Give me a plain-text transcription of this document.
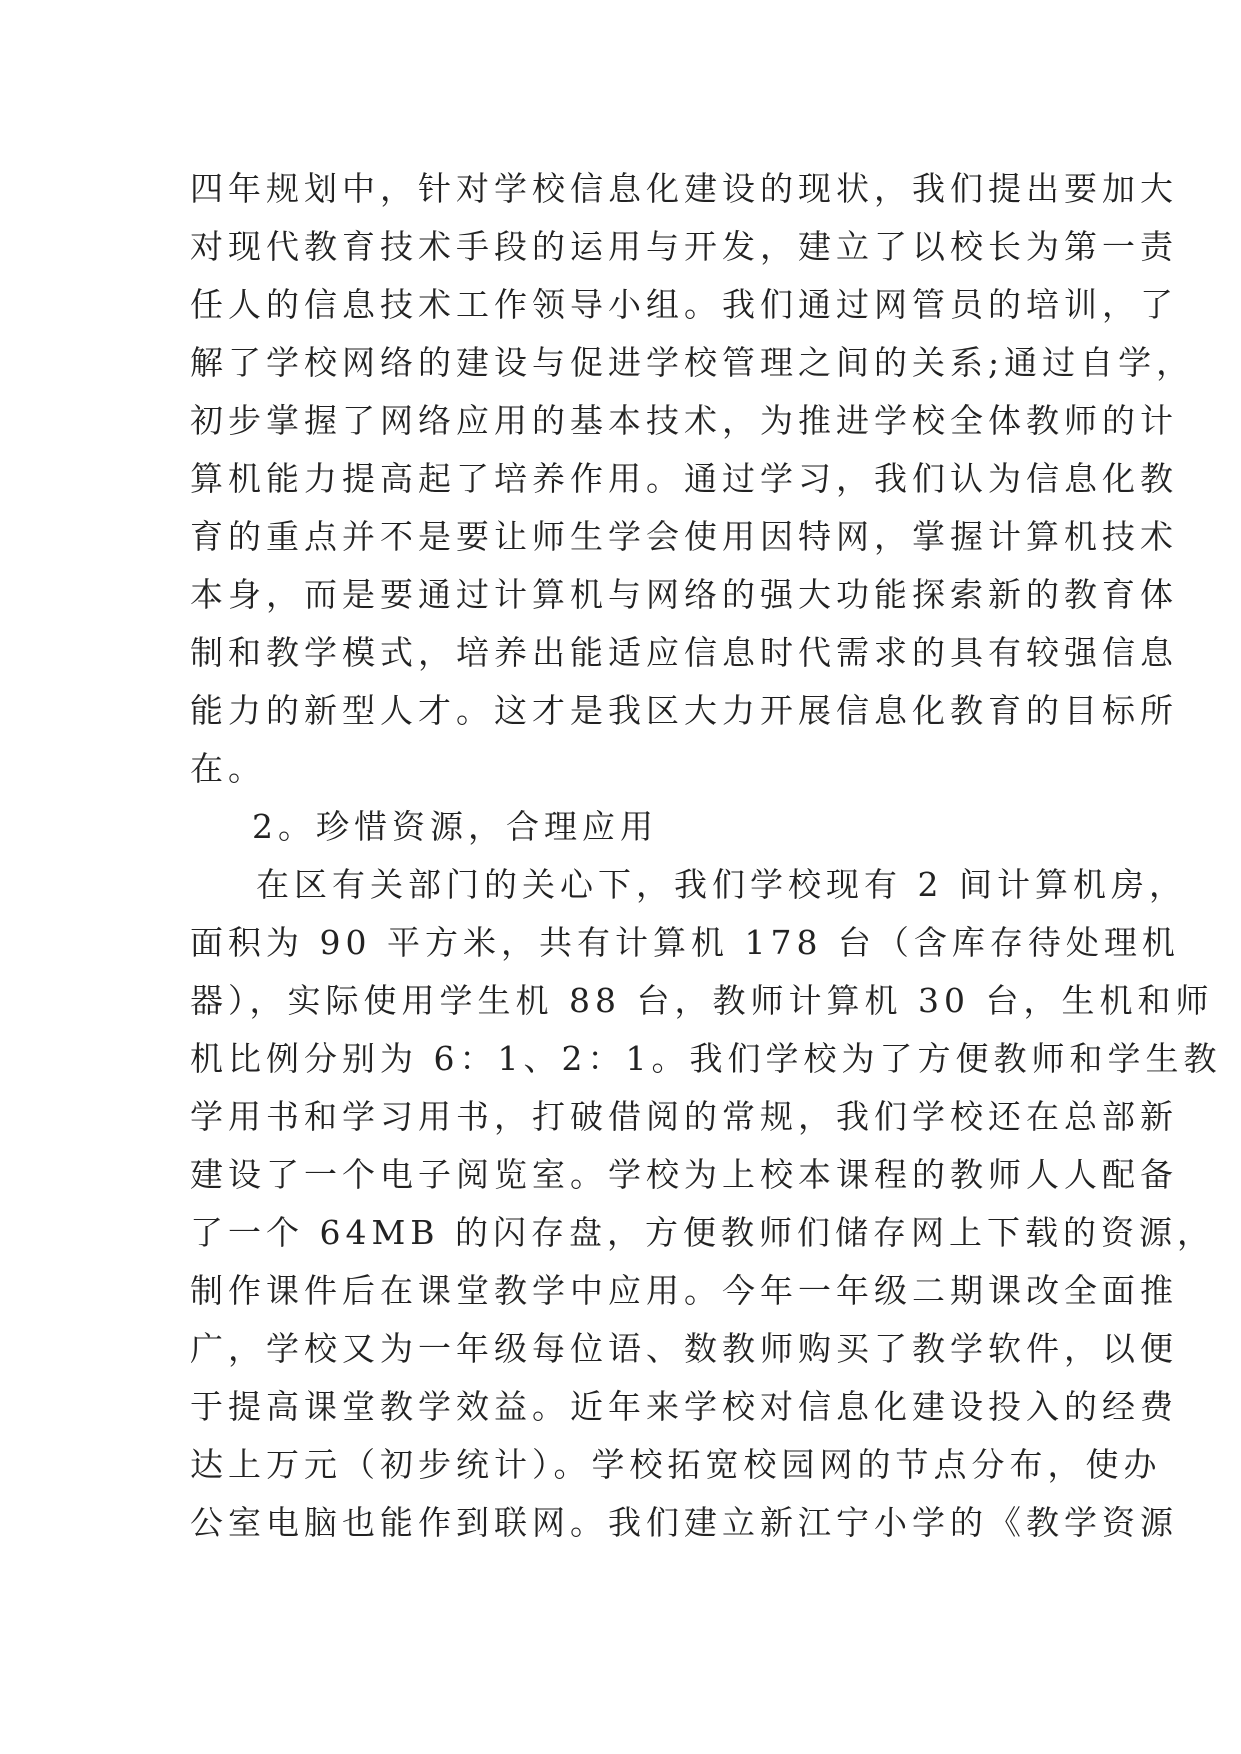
四年规划中，针对学校信息化建设的现状，我们提出要加大
对现代教育技术手段的运用与开发，建立了以校长为第一责
任人的信息技术工作领导小组。我们通过网管员的培训，了
解了学校网络的建设与促进学校管理之间的关系;通过自学，
初步掌握了网络应用的基本技术，为推进学校全体教师的计
算机能力提高起了培养作用。通过学习，我们认为信息化教
育的重点并不是要让师生学会使用因特网，掌握计算机技术
本身，而是要通过计算机与网络的强大功能探索新的教育体
制和教学模式，培养出能适应信息时代需求的具有较强信息
能力的新型人才。这才是我区大力开展信息化教育的目标所
在。
2。珍惜资源，合理应用
在区有关部门的关心下，我们学校现有 2 间计算机房，
面积为 90 平方米，共有计算机 178 台（含库存待处理机
器），实际使用学生机 88 台，教师计算机 30 台，生机和师
机比例分别为 6：1、2：1。我们学校为了方便教师和学生教
学用书和学习用书，打破借阅的常规，我们学校还在总部新
建设了一个电子阅览室。学校为上校本课程的教师人人配备
了一个 64MB 的闪存盘，方便教师们储存网上下载的资源，
制作课件后在课堂教学中应用。今年一年级二期课改全面推
广，学校又为一年级每位语、数教师购买了教学软件，以便
于提高课堂教学效益。近年来学校对信息化建设投入的经费
达上万元（初步统计）。学校拓宽校园网的节点分布，使办
公室电脑也能作到联网。我们建立新江宁小学的《教学资源
